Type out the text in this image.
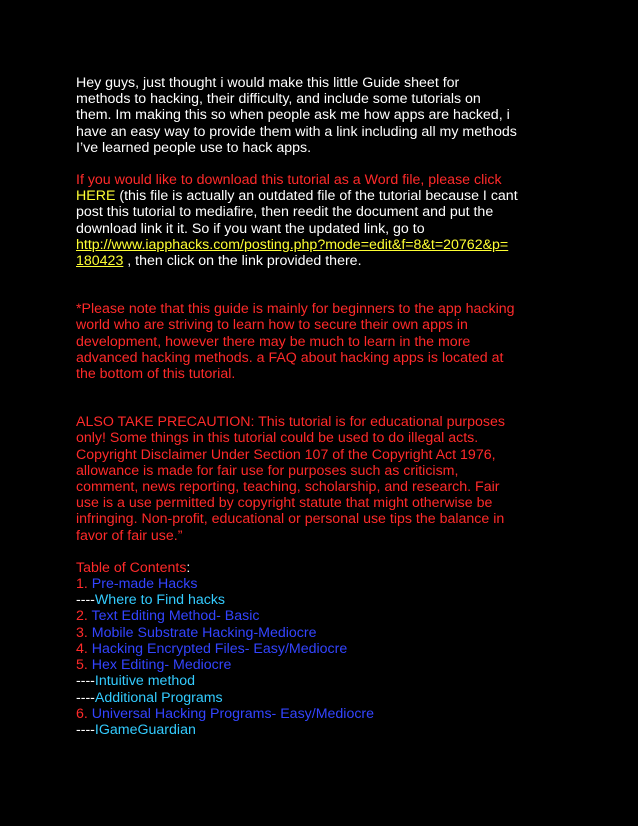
Hey guys, just thought i would make this little Guide sheet for
methods to hacking, their difficulty, and include some tutorials on
them. Im making this so when people ask me how apps are hacked, i
have an easy way to provide them with a link including all my methods
I’ve learned people use to hack apps.

If you would like to download this tutorial as a Word file, please click
HERE (this file is actually an outdated file of the tutorial because I cant
post this tutorial to mediafire, then reedit the document and put the
download link it it. So if you want the updated link, go to
http://www.iapphacks.com/posting.php?mode=edit&f=8&t=20762&p=
180423 , then click on the link provided there.

*Please note that this guide is mainly for beginners to the app hacking
world who are striving to learn how to secure their own apps in
development, however there may be much to learn in the more
advanced hacking methods. a FAQ about hacking apps is located at
the bottom of this tutorial.

ALSO TAKE PRECAUTION: This tutorial is for educational purposes
only! Some things in this tutorial could be used to do illegal acts.
Copyright Disclaimer Under Section 107 of the Copyright Act 1976,
allowance is made for fair use for purposes such as criticism,
comment, news reporting, teaching, scholarship, and research. Fair
use is a use permitted by copyright statute that might otherwise be
infringing. Non-profit, educational or personal use tips the balance in
favor of fair use.”

Table of Contents:
1. Pre-made Hacks
----Where to Find hacks
2. Text Editing Method- Basic
3. Mobile Substrate Hacking-Mediocre
4. Hacking Encrypted Files- Easy/Mediocre
5. Hex Editing- Mediocre
----Intuitive method
----Additional Programs
6. Universal Hacking Programs- Easy/Mediocre
----IGameGuardian
